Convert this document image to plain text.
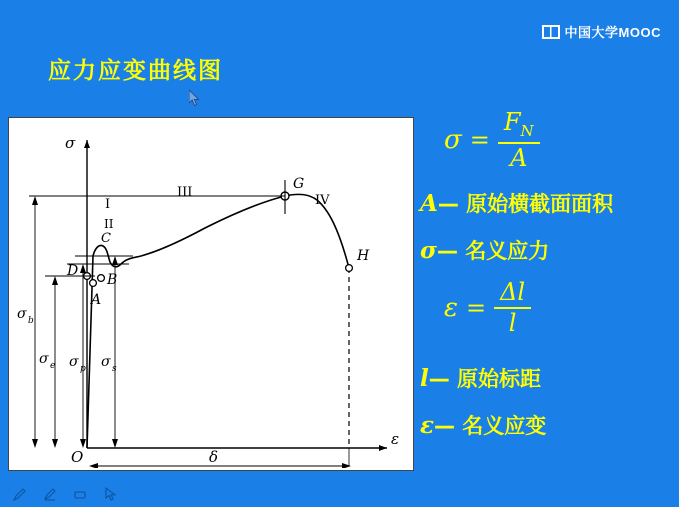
中国大学MOOC
应力应变曲线图
σ
ε
O
G
IV
III
I
II
C
H
D
A
B
σ b
σ e σ p σ s
δ
$\sigma = \frac{F_N}{A}$
A— 原始横截面面积
σ— 名义应力
$\varepsilon = \frac{\Delta l}{l}$
l— 原始标距
ε— 名义应变
